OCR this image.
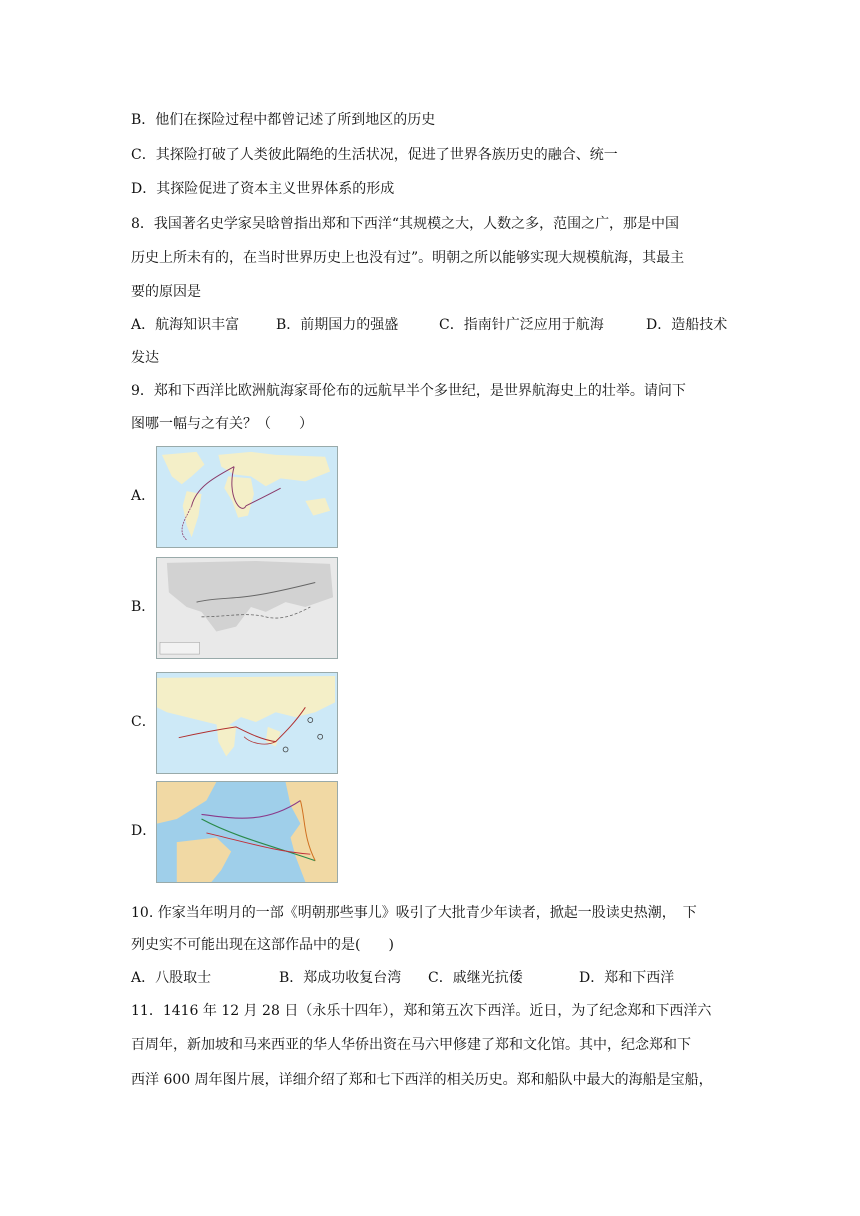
B．他们在探险过程中都曾记述了所到地区的历史
C．其探险打破了人类彼此隔绝的生活状况，促进了世界各族历史的融合、统一
D．其探险促进了资本主义世界体系的形成
8．我国著名史学家吴晗曾指出郑和下西洋“其规模之大，人数之多，范围之广，那是中国
历史上所未有的，在当时世界历史上也没有过”。明朝之所以能够实现大规模航海，其最主
要的原因是
A．航海知识丰富	B．前期国力的强盛	C．指南针广泛应用于航海	D．造船技术
发达
9．郑和下西洋比欧洲航海家哥伦布的远航早半个多世纪，是世界航海史上的壮举。请问下
图哪一幅与之有关？（　　）
A．
B．
C．
D．
10. 作家当年明月的一部《明朝那些事儿》吸引了大批青少年读者，掀起一股读史热潮，　下
列史实不可能出现在这部作品中的是(　　)
A．八股取士	B．郑成功收复台湾 C．戚继光抗倭	D．郑和下西洋
11．1416 年 12 月 28 日（永乐十四年），郑和第五次下西洋。近日，为了纪念郑和下西洋六
百周年，新加坡和马来西亚的华人华侨出资在马六甲修建了郑和文化馆。其中，纪念郑和下
西洋 600 周年图片展，详细介绍了郑和七下西洋的相关历史。郑和船队中最大的海船是宝船，
